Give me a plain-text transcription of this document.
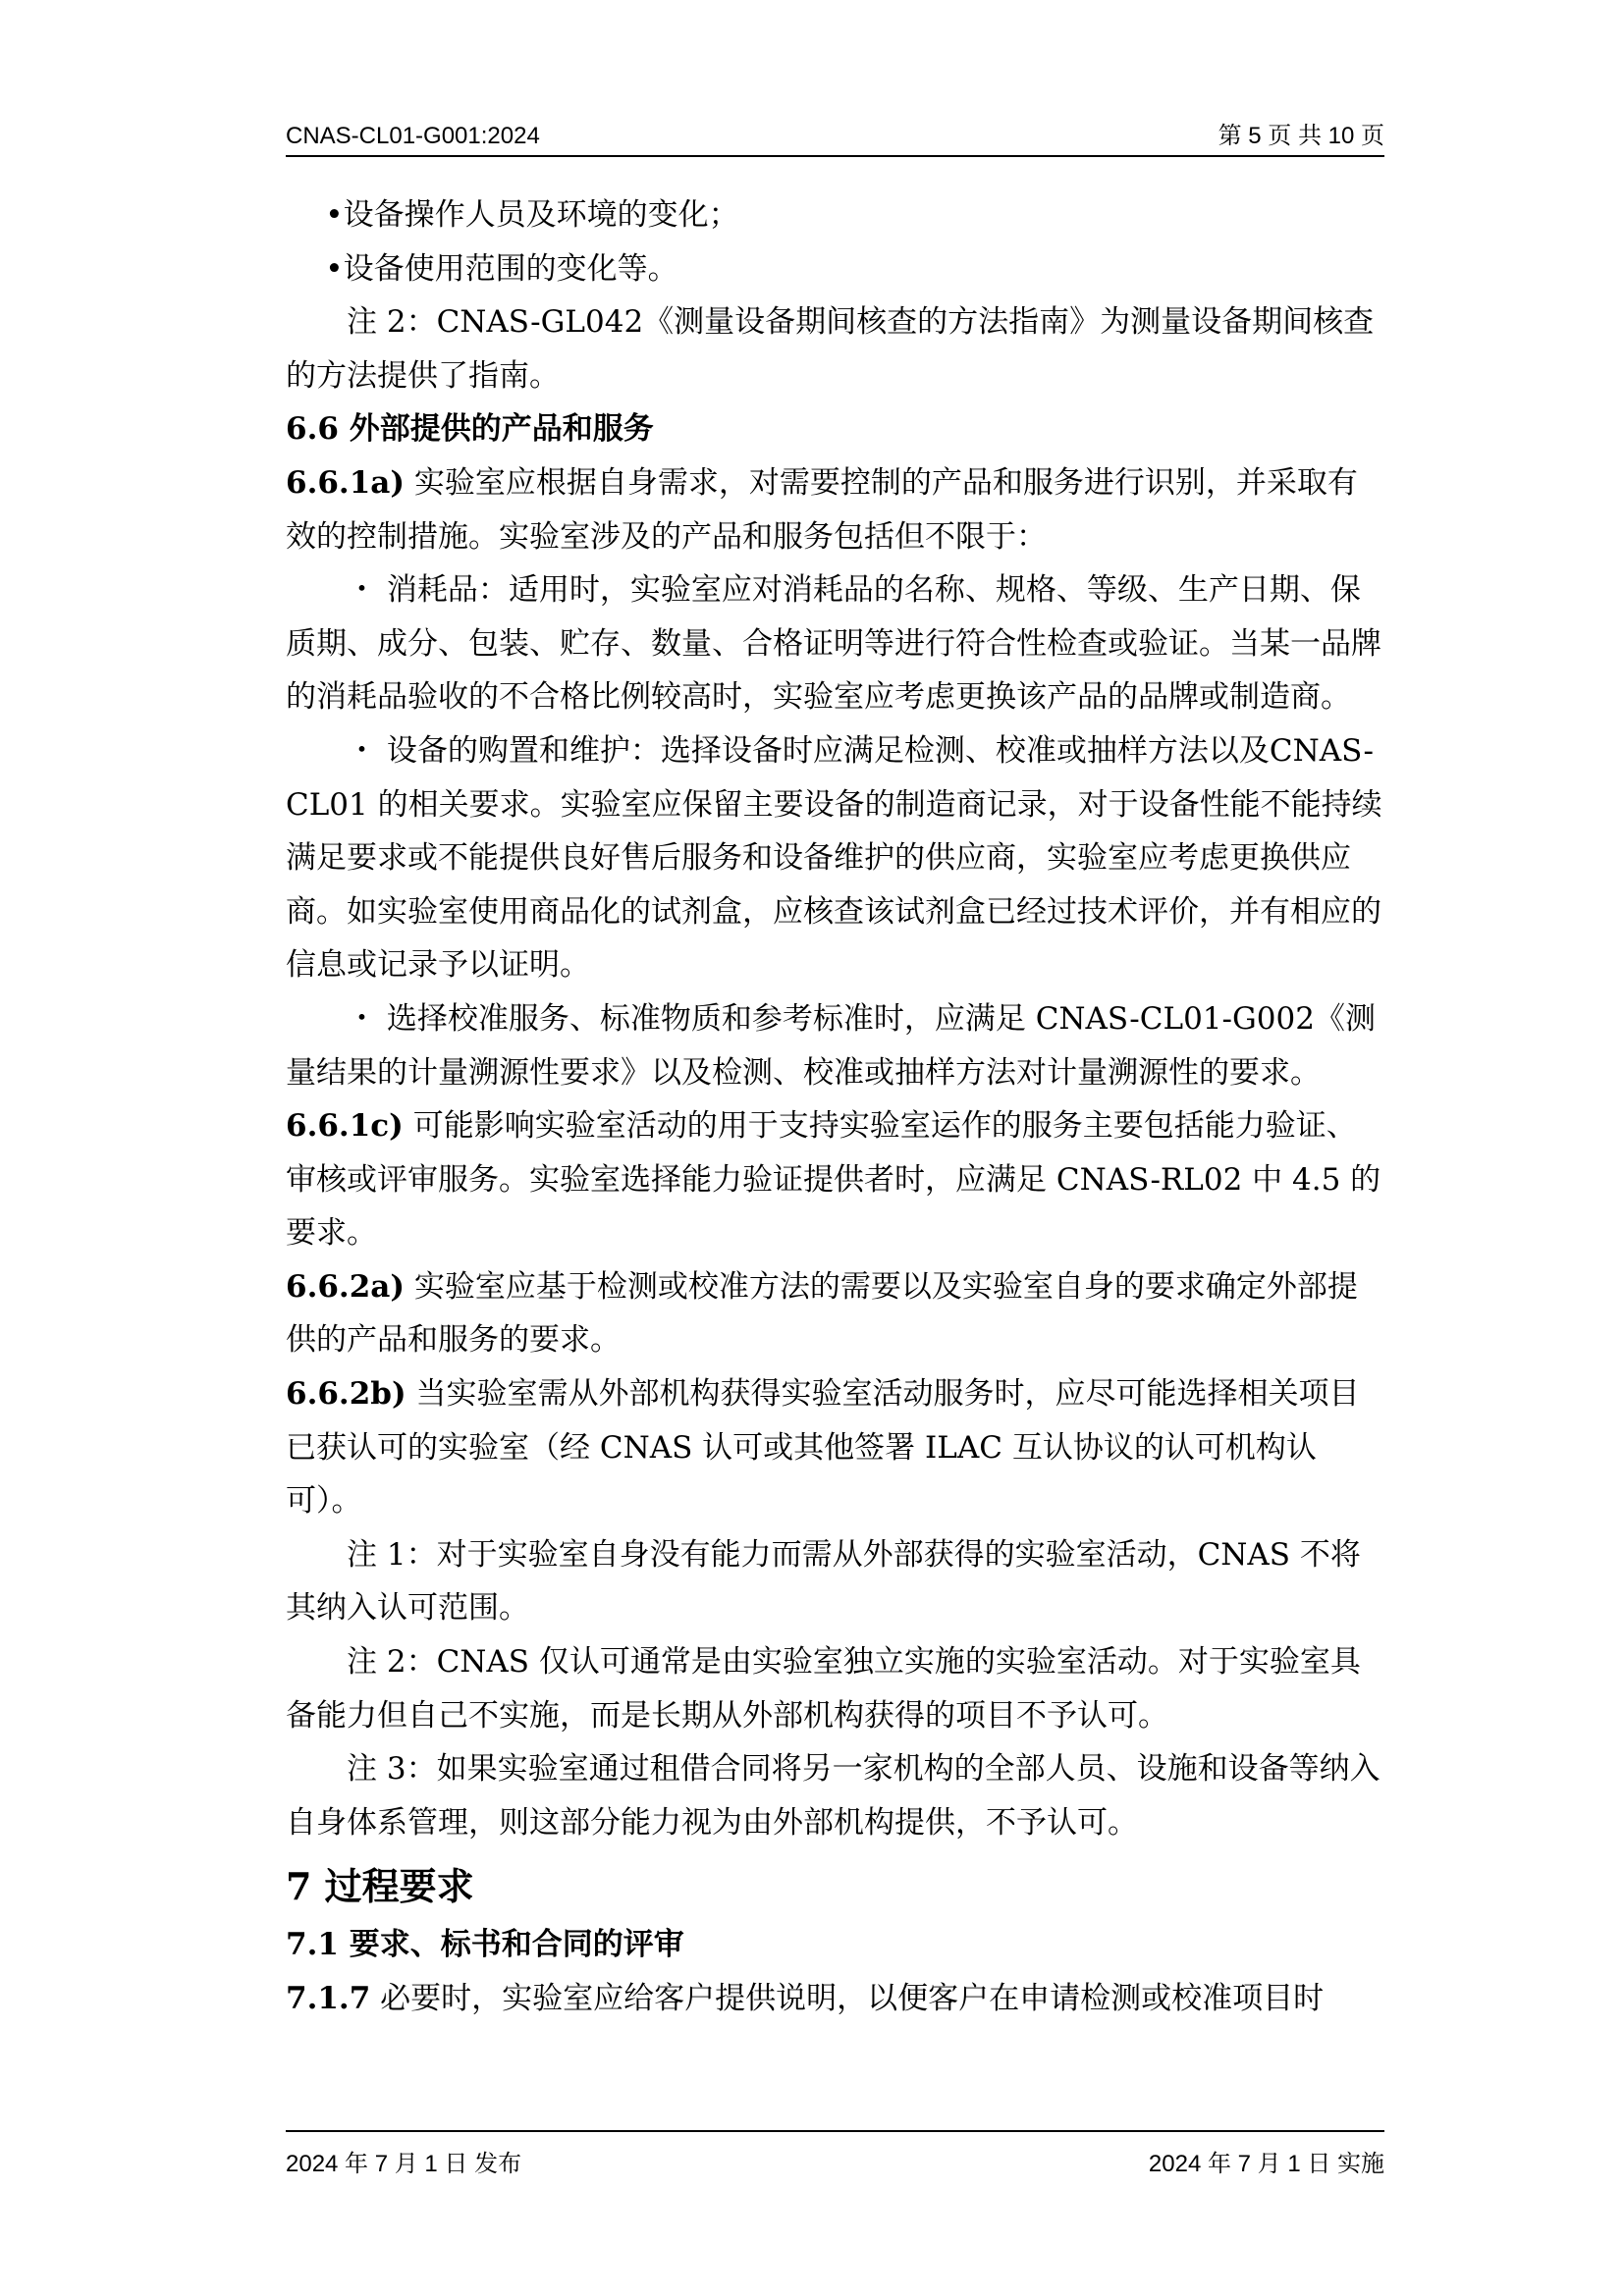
CNAS-CL01-G001:2024	第 5 页 共 10 页

•设备操作人员及环境的变化；

•设备使用范围的变化等。

注 2：CNAS-GL042《测量设备期间核查的方法指南》为测量设备期间核查的方法提供了指南。

6.6 外部提供的产品和服务

6.6.1a) 实验室应根据自身需求，对需要控制的产品和服务进行识别，并采取有效的控制措施。实验室涉及的产品和服务包括但不限于：

・ 消耗品：适用时，实验室应对消耗品的名称、规格、等级、生产日期、保质期、成分、包装、贮存、数量、合格证明等进行符合性检查或验证。当某一品牌的消耗品验收的不合格比例较高时，实验室应考虑更换该产品的品牌或制造商。

・ 设备的购置和维护：选择设备时应满足检测、校准或抽样方法以及CNAS-CL01 的相关要求。实验室应保留主要设备的制造商记录，对于设备性能不能持续满足要求或不能提供良好售后服务和设备维护的供应商，实验室应考虑更换供应商。如实验室使用商品化的试剂盒，应核查该试剂盒已经过技术评价，并有相应的信息或记录予以证明。

・ 选择校准服务、标准物质和参考标准时，应满足 CNAS-CL01-G002《测量结果的计量溯源性要求》以及检测、校准或抽样方法对计量溯源性的要求。

6.6.1c) 可能影响实验室活动的用于支持实验室运作的服务主要包括能力验证、审核或评审服务。实验室选择能力验证提供者时，应满足 CNAS-RL02 中 4.5 的要求。

6.6.2a) 实验室应基于检测或校准方法的需要以及实验室自身的要求确定外部提供的产品和服务的要求。

6.6.2b) 当实验室需从外部机构获得实验室活动服务时，应尽可能选择相关项目已获认可的实验室（经 CNAS 认可或其他签署 ILAC 互认协议的认可机构认可）。

注 1：对于实验室自身没有能力而需从外部获得的实验室活动，CNAS 不将其纳入认可范围。

注 2：CNAS 仅认可通常是由实验室独立实施的实验室活动。对于实验室具备能力但自己不实施，而是长期从外部机构获得的项目不予认可。

注 3：如果实验室通过租借合同将另一家机构的全部人员、设施和设备等纳入自身体系管理，则这部分能力视为由外部机构提供，不予认可。

7 过程要求

7.1 要求、标书和合同的评审

7.1.7 必要时，实验室应给客户提供说明，以便客户在申请检测或校准项目时

2024 年 7 月 1 日 发布	2024 年 7 月 1 日 实施
